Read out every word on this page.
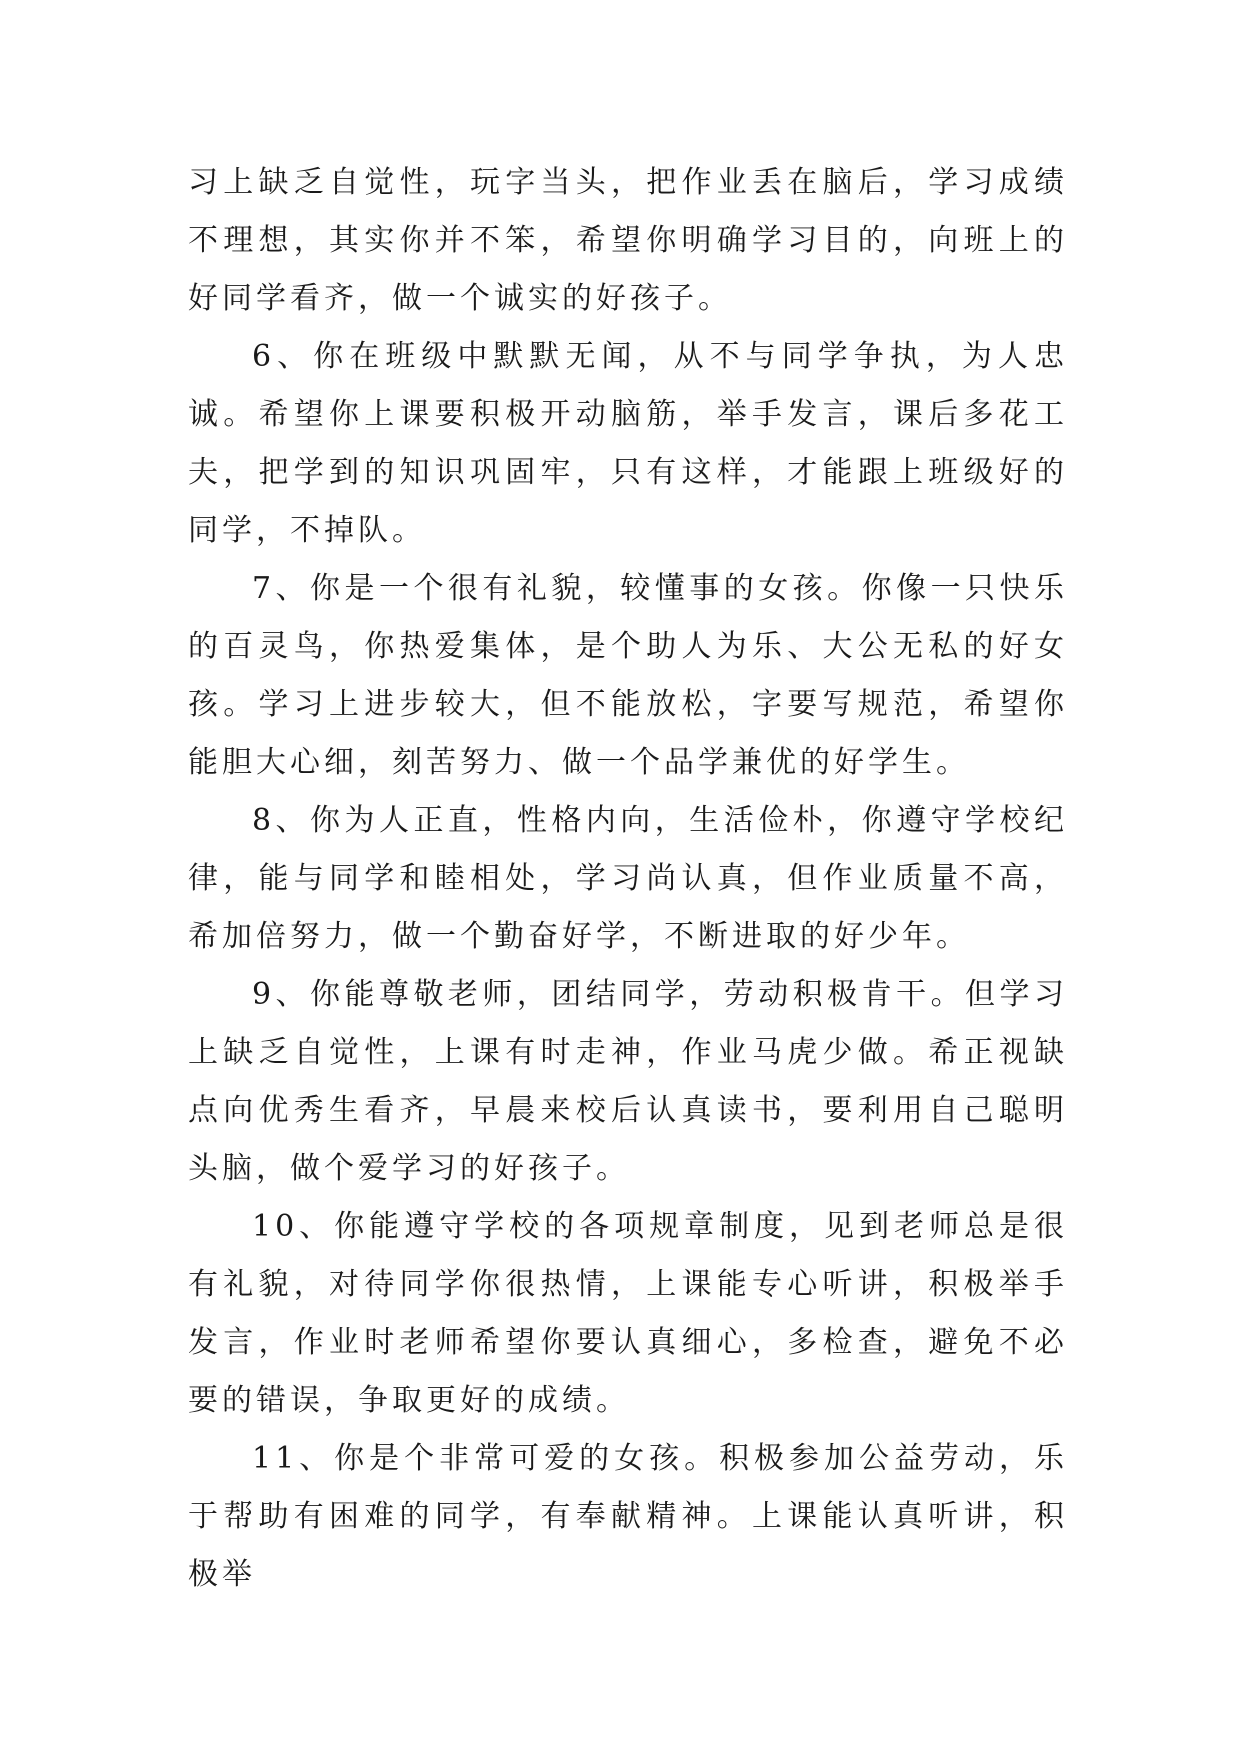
习上缺乏自觉性，玩字当头，把作业丢在脑后，学习成绩不理想，其实你并不笨，希望你明确学习目的，向班上的好同学看齐，做一个诚实的好孩子。

6、你在班级中默默无闻，从不与同学争执，为人忠诚。希望你上课要积极开动脑筋，举手发言，课后多花工夫，把学到的知识巩固牢，只有这样，才能跟上班级好的同学，不掉队。

7、你是一个很有礼貌，较懂事的女孩。你像一只快乐的百灵鸟，你热爱集体，是个助人为乐、大公无私的好女孩。学习上进步较大，但不能放松，字要写规范，希望你能胆大心细，刻苦努力、做一个品学兼优的好学生。

8、你为人正直，性格内向，生活俭朴，你遵守学校纪律，能与同学和睦相处，学习尚认真，但作业质量不高，希加倍努力，做一个勤奋好学，不断进取的好少年。

9、你能尊敬老师，团结同学，劳动积极肯干。但学习上缺乏自觉性，上课有时走神，作业马虎少做。希正视缺点向优秀生看齐，早晨来校后认真读书，要利用自己聪明头脑，做个爱学习的好孩子。

10、你能遵守学校的各项规章制度，见到老师总是很有礼貌，对待同学你很热情，上课能专心听讲，积极举手发言，作业时老师希望你要认真细心，多检查，避免不必要的错误，争取更好的成绩。

11、你是个非常可爱的女孩。积极参加公益劳动，乐于帮助有困难的同学，有奉献精神。上课能认真听讲，积极举
